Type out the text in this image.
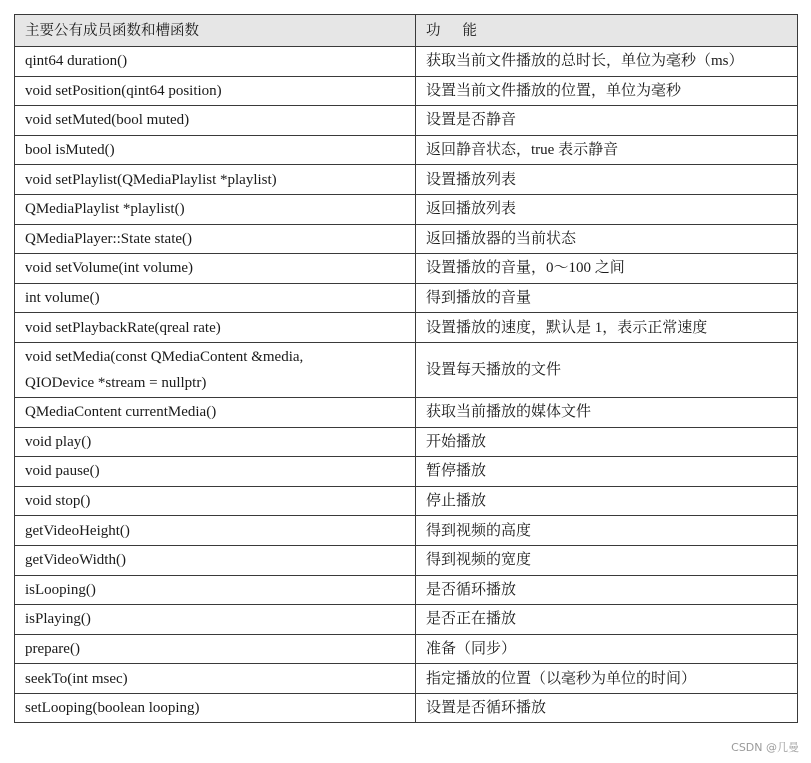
主要公有成员函数和槽函数	功能
qint64 duration()	获取当前文件播放的总时长，单位为毫秒（ms）
void setPosition(qint64 position)	设置当前文件播放的位置，单位为毫秒
void setMuted(bool muted)	设置是否静音
bool isMuted()	返回静音状态，true 表示静音
void setPlaylist(QMediaPlaylist *playlist)	设置播放列表
QMediaPlaylist *playlist()	返回播放列表
QMediaPlayer::State state()	返回播放器的当前状态
void setVolume(int volume)	设置播放的音量，0～100 之间
int volume()	得到播放的音量
void setPlaybackRate(qreal rate)	设置播放的速度，默认是 1，表示正常速度
void setMedia(const QMediaContent &media,
QIODevice *stream = nullptr)	设置每天播放的文件
QMediaContent currentMedia()	获取当前播放的媒体文件
void play()	开始播放
void pause()	暂停播放
void stop()	停止播放
getVideoHeight()	得到视频的高度
getVideoWidth()	得到视频的宽度
isLooping()	是否循环播放
isPlaying()	是否正在播放
prepare()	准备（同步）
seekTo(int msec)	指定播放的位置（以毫秒为单位的时间）
setLooping(boolean looping)	设置是否循环播放
CSDN @几曼
